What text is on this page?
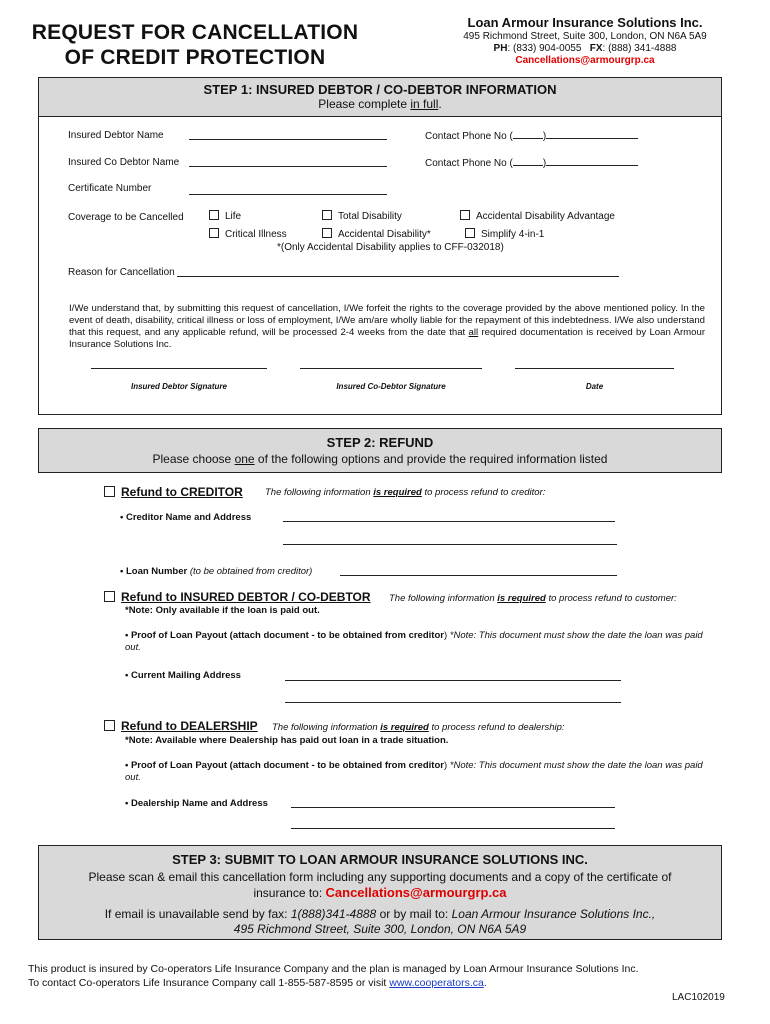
REQUEST FOR CANCELLATION
OF CREDIT PROTECTION
Loan Armour Insurance Solutions Inc.
495 Richmond Street, Suite 300, London, ON N6A 5A9
PH: (833) 904-0055 FX: (888) 341-4888
Cancellations@armourgrp.ca
STEP 1: INSURED DEBTOR / CO-DEBTOR INFORMATION
Please complete in full.
Insured Debtor Name	Contact Phone No (	)
Insured Co Debtor Name	Contact Phone No (	)
Certificate Number
Coverage to be Cancelled	Life	Total Disability	Accidental Disability Advantage
Critical Illness	Accidental Disability*	Simplify 4-in-1
*(Only Accidental Disability applies to CFF-032018)
Reason for Cancellation
I/We understand that, by submitting this request of cancellation, I/We forfeit the rights to the coverage provided by the above mentioned policy. In the event of death, disability, critical illness or loss of employment, I/We am/are wholly liable for the repayment of this indebtedness. I/We also understand that this request, and any applicable refund, will be processed 2-4 weeks from the date that all required documentation is received by Loan Armour Insurance Solutions Inc.
Insured Debtor Signature	Insured Co-Debtor Signature	Date
STEP 2: REFUND
Please choose one of the following options and provide the required information listed
Refund to CREDITOR The following information is required to process refund to creditor:
• Creditor Name and Address
• Loan Number (to be obtained from creditor)
Refund to INSURED DEBTOR / CO-DEBTOR The following information is required to process refund to customer:
*Note: Only available if the loan is paid out.
• Proof of Loan Payout (attach document - to be obtained from creditor) *Note: This document must show the date the loan was paid out.
• Current Mailing Address
Refund to DEALERSHIP The following information is required to process refund to dealership:
*Note: Available where Dealership has paid out loan in a trade situation.
• Proof of Loan Payout (attach document - to be obtained from creditor) *Note: This document must show the date the loan was paid out.
• Dealership Name and Address
STEP 3: SUBMIT TO LOAN ARMOUR INSURANCE SOLUTIONS INC.
Please scan & email this cancellation form including any supporting documents and a copy of the certificate of
insurance to: Cancellations@armourgrp.ca
If email is unavailable send by fax: 1(888)341-4888 or by mail to: Loan Armour Insurance Solutions Inc.,
495 Richmond Street, Suite 300, London, ON N6A 5A9
This product is insured by Co-operators Life Insurance Company and the plan is managed by Loan Armour Insurance Solutions Inc.
To contact Co-operators Life Insurance Company call 1-855-587-8595 or visit www.cooperators.ca.
LAC102019
